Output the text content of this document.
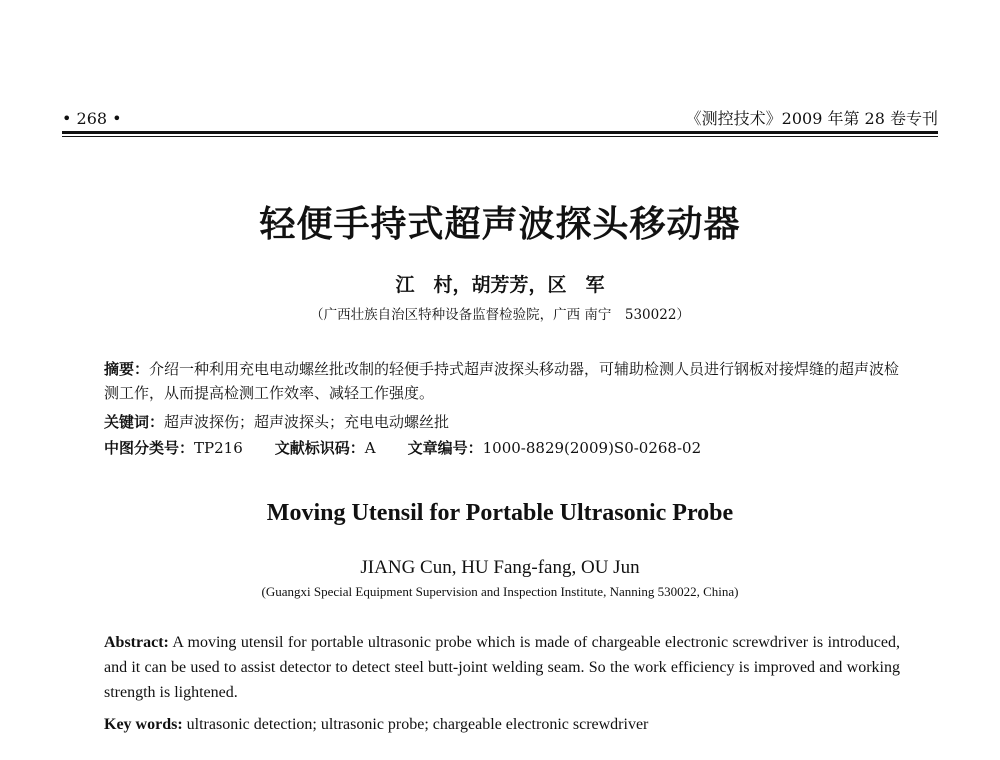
• 268 •	《测控技术》2009 年第 28 卷专刊
轻便手持式超声波探头移动器
江　村，胡芳芳，区　军
（广西壮族自治区特种设备监督检验院，广西 南宁　530022）

摘要：介绍一种利用充电电动螺丝批改制的轻便手持式超声波探头移动器，可辅助检测人员进行钢板对接焊缝的超声波检测工作，从而提高检测工作效率、减轻工作强度。

关键词：超声波探伤；超声波探头；充电电动螺丝批
中图分类号：TP216 文献标识码：A 文章编号：1000-8829(2009)S0-0268-02
Moving Utensil for Portable Ultrasonic Probe
JIANG Cun, HU Fang-fang, OU Jun
(Guangxi Special Equipment Supervision and Inspection Institute, Nanning 530022, China)

Abstract: A moving utensil for portable ultrasonic probe which is made of chargeable electronic screwdriver is introduced, and it can be used to assist detector to detect steel butt-joint welding seam. So the work efficiency is improved and working strength is lightened.

Key words: ultrasonic detection; ultrasonic probe; chargeable electronic screwdriver
